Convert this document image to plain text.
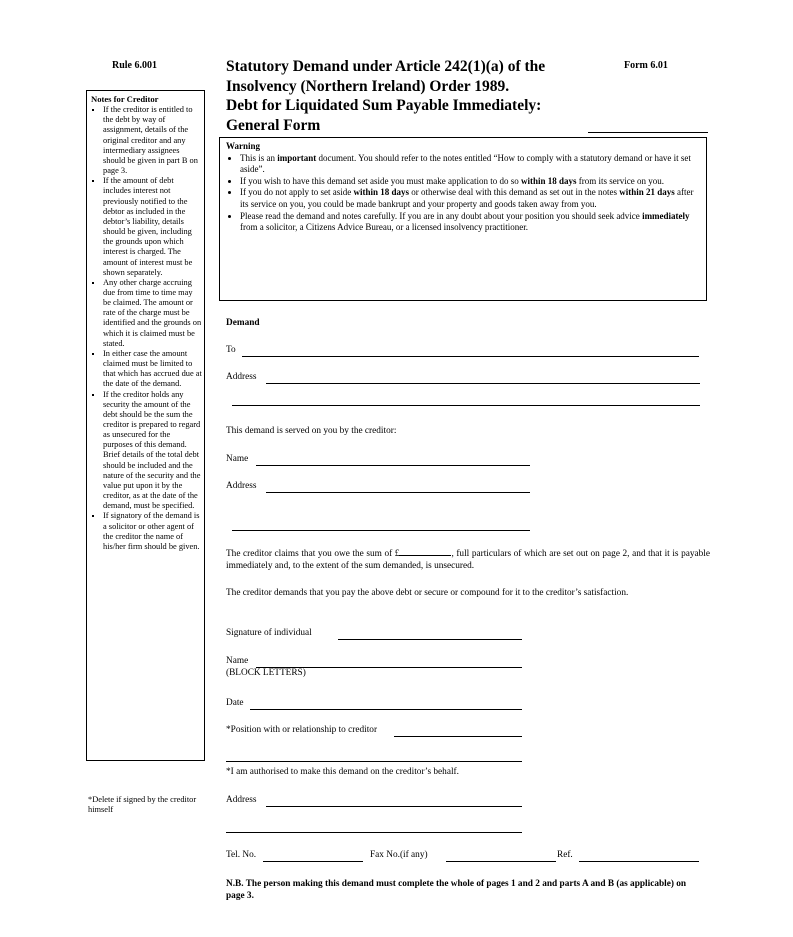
Rule 6.001	Form 6.01
Statutory Demand under Article 242(1)(a) of the
Insolvency (Northern Ireland) Order 1989.
Debt for Liquidated Sum Payable Immediately:
General Form
Notes for Creditor
▪ If the creditor is entitled to the debt by way of assignment, details of the original creditor and any intermediary assignees should be given in part B on page 3.
▪ If the amount of debt includes interest not previously notified to the debtor as included in the debtor’s liability, details should be given, including the grounds upon which interest is charged. The amount of interest must be shown separately.
▪ Any other charge accruing due from time to time may be claimed. The amount or rate of the charge must be identified and the grounds on which it is claimed must be stated.
▪ In either case the amount claimed must be limited to that which has accrued due at the date of the demand.
▪ If the creditor holds any security the amount of the debt should be the sum the creditor is prepared to regard as unsecured for the purposes of this demand. Brief details of the total debt should be included and the nature of the security and the value put upon it by the creditor, as at the date of the demand, must be specified.
▪ If signatory of the demand is a solicitor or other agent of the creditor the name of his/her firm should be given.
*Delete if signed by the creditor himself
Warning
• This is an important document. You should refer to the notes entitled “How to comply with a statutory demand or have it set aside”.
• If you wish to have this demand set aside you must make application to do so within 18 days from its service on you.
• If you do not apply to set aside within 18 days or otherwise deal with this demand as set out in the notes within 21 days after its service on you, you could be made bankrupt and your property and goods taken away from you.
• Please read the demand and notes carefully. If you are in any doubt about your position you should seek advice immediately from a solicitor, a Citizens Advice Bureau, or a licensed insolvency practitioner.
Demand
To
Address
This demand is served on you by the creditor:
Name
Address
The creditor claims that you owe the sum of £	, full particulars of which are set out on page 2, and that it is payable immediately and, to the extent of the sum demanded, is unsecured.
The creditor demands that you pay the above debt or secure or compound for it to the creditor’s satisfaction.
Signature of individual
Name
(BLOCK LETTERS)
Date
*Position with or relationship to creditor
*I am authorised to make this demand on the creditor’s behalf.
Address
Tel. No.	Fax No.(if any)	Ref.
N.B. The person making this demand must complete the whole of pages 1 and 2 and parts A and B (as applicable) on page 3.
